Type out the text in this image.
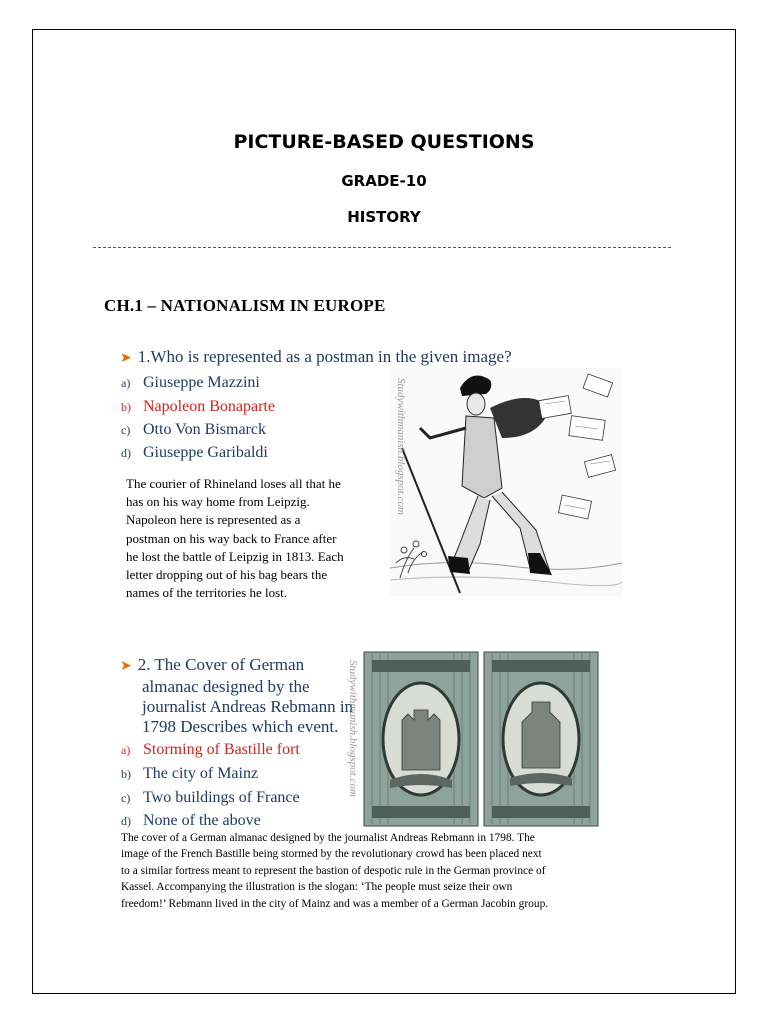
PICTURE-BASED QUESTIONS
GRADE-10
HISTORY
CH.1 – NATIONALISM IN EUROPE
➤ 1.Who is represented as a postman in the given image?
a) Giuseppe Mazzini
b) Napoleon Bonaparte
c) Otto Von Bismarck
d) Giuseppe Garibaldi
The courier of Rhineland loses all that he
has on his way home from Leipzig.
Napoleon here is represented as a
postman on his way back to France after
he lost the battle of Leipzig in 1813. Each
letter dropping out of his bag bears the
names of the territories he lost.
Studywithmanish.blogspot.com
➤ 2. The Cover of German
almanac designed by the
journalist Andreas Rebmann in
1798 Describes which event.
a) Storming of Bastille fort
b) The city of Mainz
c) Two buildings of France
d) None of the above
Studywithmanish.blogspot.com
The cover of a German almanac designed by the journalist Andreas Rebmann in 1798. The
image of the French Bastille being stormed by the revolutionary crowd has been placed next
to a similar fortress meant to represent the bastion of despotic rule in the German province of
Kassel. Accompanying the illustration is the slogan: ‘The people must seize their own
freedom!’ Rebmann lived in the city of Mainz and was a member of a German Jacobin group.
